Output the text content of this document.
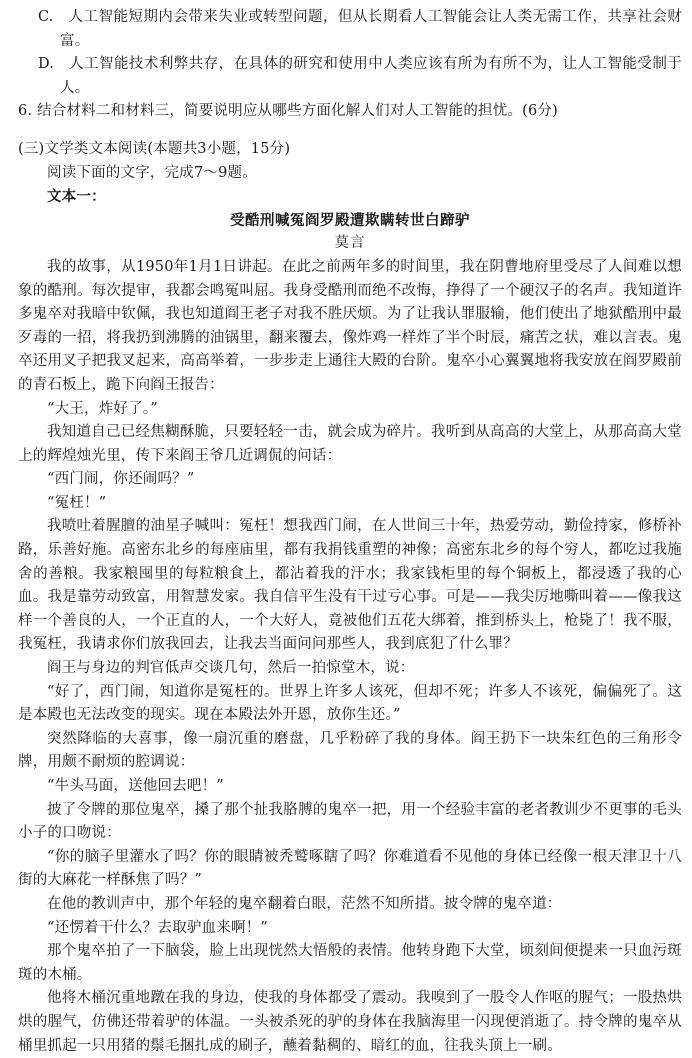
C.  人工智能短期内会带来失业或转型问题，但从长期看人工智能会让人类无需工作，共享社会财富。

D.  人工智能技术利弊共存，在具体的研究和使用中人类应该有所为有所不为，让人工智能受制于人。

6. 结合材料二和材料三，简要说明应从哪些方面化解人们对人工智能的担忧。(6分)

(三)文学类文本阅读(本题共3小题，15分)

阅读下面的文字，完成7～9题。

文本一：

受酷刑喊冤阎罗殿遭欺瞒转世白蹄驴

莫言

我的故事，从1950年1月1日讲起。在此之前两年多的时间里，我在阴曹地府里受尽了人间难以想象的酷刑。每次提审，我都会鸣冤叫屈。我身受酷刑而绝不改悔，挣得了一个硬汉子的名声。我知道许多鬼卒对我暗中钦佩，我也知道阎王老子对我不胜厌烦。为了让我认罪服输，他们使出了地狱酷刑中最歹毒的一招，将我扔到沸腾的油锅里，翻来覆去，像炸鸡一样炸了半个时辰，痛苦之状，难以言表。鬼卒还用叉子把我叉起来，高高举着，一步步走上通往大殿的台阶。鬼卒小心翼翼地将我安放在阎罗殿前的青石板上，跪下向阎王报告：

“大王，炸好了。”

我知道自己已经焦糊酥脆，只要轻轻一击，就会成为碎片。我听到从高高的大堂上，从那高高大堂上的辉煌烛光里，传下来阎王爷几近调侃的问话：

“西门闹，你还闹吗？”

“冤枉！”

我喷吐着腥膻的油星子喊叫：冤枉！想我西门闹，在人世间三十年，热爱劳动，勤俭持家，修桥补路，乐善好施。高密东北乡的每座庙里，都有我捐钱重塑的神像；高密东北乡的每个穷人，都吃过我施舍的善粮。我家粮囤里的每粒粮食上，都沾着我的汗水；我家钱柜里的每个铜板上，都浸透了我的心血。我是靠劳动致富，用智慧发家。我自信平生没有干过亏心事。可是——我尖厉地嘶叫着——像我这样一个善良的人，一个正直的人，一个大好人，竟被他们五花大绑着，推到桥头上，枪毙了！我不服，我冤枉，我请求你们放我回去，让我去当面问问那些人，我到底犯了什么罪？

阎王与身边的判官低声交谈几句，然后一拍惊堂木，说：

“好了，西门闹，知道你是冤枉的。世界上许多人该死，但却不死；许多人不该死，偏偏死了。这是本殿也无法改变的现实。现在本殿法外开恩，放你生还。”

突然降临的大喜事，像一扇沉重的磨盘，几乎粉碎了我的身体。阎王扔下一块朱红色的三角形令牌，用颇不耐烦的腔调说：

“牛头马面，送他回去吧！”

披了令牌的那位鬼卒，搡了那个扯我胳膊的鬼卒一把，用一个经验丰富的老者教训少不更事的毛头小子的口吻说：

“你的脑子里灌水了吗？你的眼睛被秃鹫啄瞎了吗？你难道看不见他的身体已经像一根天津卫十八街的大麻花一样酥焦了吗？”

在他的教训声中，那个年轻的鬼卒翻着白眼，茫然不知所措。披令牌的鬼卒道：

“还愣着干什么？去取驴血来啊！”

那个鬼卒拍了一下脑袋，脸上出现恍然大悟般的表情。他转身跑下大堂，顷刻间便提来一只血污斑斑的木桶。

他将木桶沉重地蹾在我的身边，使我的身体都受了震动。我嗅到了一股令人作呕的腥气；一股热烘烘的腥气，仿佛还带着驴的体温。一头被杀死的驴的身体在我脑海里一闪现便消逝了。持令牌的鬼卒从桶里抓起一只用猪的鬃毛捆扎成的刷子，蘸着黏稠的、暗红的血，往我头顶上一刷。
